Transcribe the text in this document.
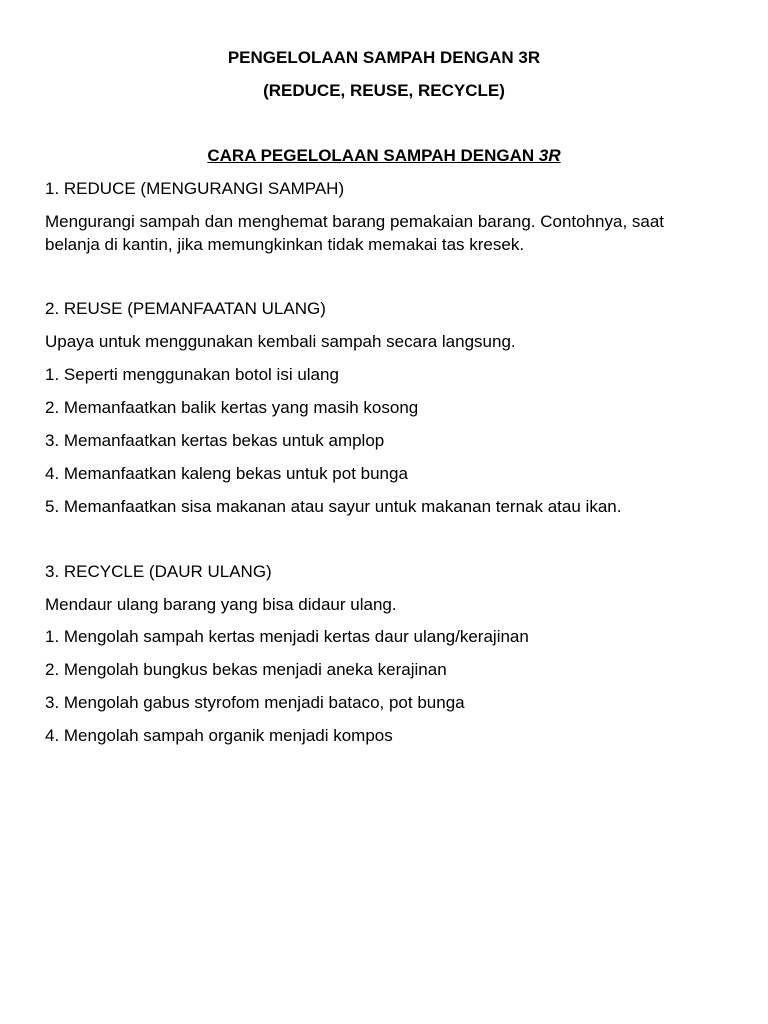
PENGELOLAAN SAMPAH DENGAN 3R

(REDUCE, REUSE, RECYCLE)

CARA PEGELOLAAN SAMPAH DENGAN 3R

1. REDUCE (MENGURANGI SAMPAH)

Mengurangi sampah dan menghemat barang pemakaian barang. Contohnya, saat

belanja di kantin, jika memungkinkan tidak memakai tas kresek.

2. REUSE (PEMANFAATAN ULANG)

Upaya untuk menggunakan kembali sampah secara langsung.

1. Seperti menggunakan botol isi ulang

2. Memanfaatkan balik kertas yang masih kosong

3. Memanfaatkan kertas bekas untuk amplop

4. Memanfaatkan kaleng bekas untuk pot bunga

5. Memanfaatkan sisa makanan atau sayur untuk makanan ternak atau ikan.

3. RECYCLE (DAUR ULANG)

Mendaur ulang barang yang bisa didaur ulang.

1. Mengolah sampah kertas menjadi kertas daur ulang/kerajinan

2. Mengolah bungkus bekas menjadi aneka kerajinan

3. Mengolah gabus styrofom menjadi bataco, pot bunga

4. Mengolah sampah organik menjadi kompos
